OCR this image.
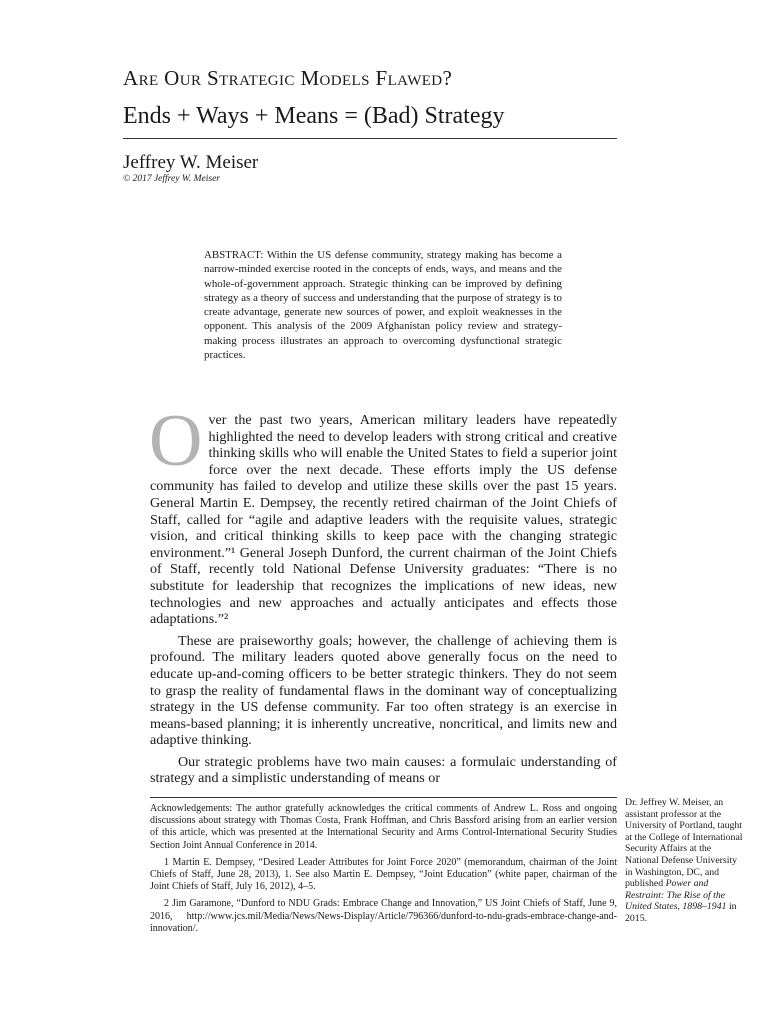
Are Our Strategic Models Flawed?
Ends + Ways + Means = (Bad) Strategy
Jeffrey W. Meiser
© 2017 Jeffrey W. Meiser
ABSTRACT: Within the US defense community, strategy making has become a narrow-minded exercise rooted in the concepts of ends, ways, and means and the whole-of-government approach. Strategic thinking can be improved by defining strategy as a theory of success and understanding that the purpose of strategy is to create advantage, generate new sources of power, and exploit weaknesses in the opponent. This analysis of the 2009 Afghanistan policy review and strategy-making process illustrates an approach to overcoming dysfunctional strategic practices.

Over the past two years, American military leaders have repeatedly highlighted the need to develop leaders with strong critical and creative thinking skills who will enable the United States to field a superior joint force over the next decade. These efforts imply the US defense community has failed to develop and utilize these skills over the past 15 years. General Martin E. Dempsey, the recently retired chairman of the Joint Chiefs of Staff, called for “agile and adaptive leaders with the requisite values, strategic vision, and critical thinking skills to keep pace with the changing strategic environment.”¹ General Joseph Dunford, the current chairman of the Joint Chiefs of Staff, recently told National Defense University graduates: “There is no substitute for leadership that recognizes the implications of new ideas, new technologies and new approaches and actually anticipates and effects those adaptations.”²

These are praiseworthy goals; however, the challenge of achieving them is profound. The military leaders quoted above generally focus on the need to educate up-and-coming officers to be better strategic thinkers. They do not seem to grasp the reality of fundamental flaws in the dominant way of conceptualizing strategy in the US defense community. Far too often strategy is an exercise in means-based planning; it is inherently uncreative, noncritical, and limits new and adaptive thinking.

Our strategic problems have two main causes: a formulaic understanding of strategy and a simplistic understanding of means or

Acknowledgements: The author gratefully acknowledges the critical comments of Andrew L. Ross and ongoing discussions about strategy with Thomas Costa, Frank Hoffman, and Chris Bassford arising from an earlier version of this article, which was presented at the International Security and Arms Control-International Security Studies Section Joint Annual Conference in 2014.

1 Martin E. Dempsey, “Desired Leader Attributes for Joint Force 2020” (memorandum, chairman of the Joint Chiefs of Staff, June 28, 2013), 1. See also Martin E. Dempsey, “Joint Education” (white paper, chairman of the Joint Chiefs of Staff, July 16, 2012), 4–5.

2 Jim Garamone, “Dunford to NDU Grads: Embrace Change and Innovation,” US Joint Chiefs of Staff, June 9, 2016, http://www.jcs.mil/Media/News/News-Display/Article/796366/dunford-to-ndu-grads-embrace-change-and-innovation/.

Dr. Jeffrey W. Meiser, an assistant professor at the University of Portland, taught at the College of International Security Affairs at the National Defense University in Washington, DC, and published Power and Restraint: The Rise of the United States, 1898–1941 in 2015.
